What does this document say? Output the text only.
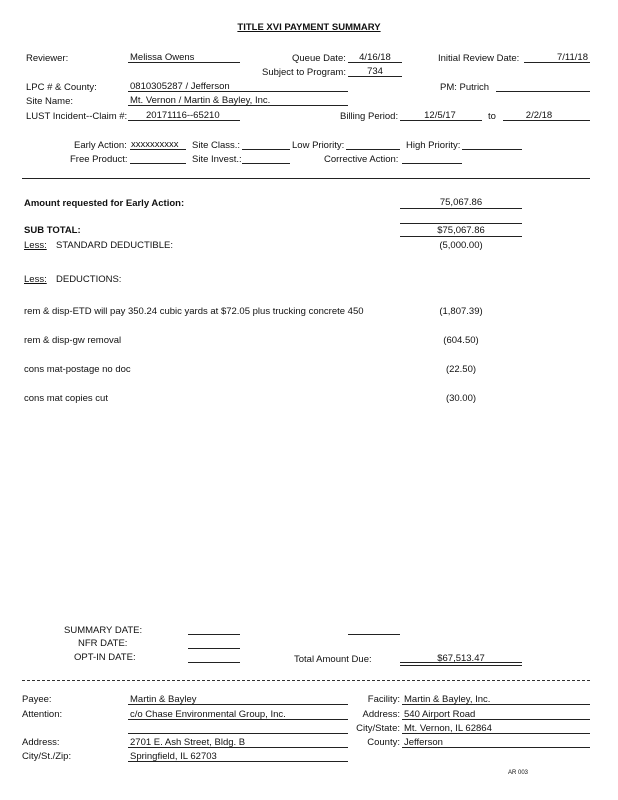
TITLE XVI PAYMENT SUMMARY
Reviewer:	Melissa Owens	Queue Date:	4/16/18	Initial Review Date:	7/11/18
Subject to Program:	734
LPC # & County:	0810305287 / Jefferson	PM: Putrich
Site Name:	Mt. Vernon / Martin & Bayley, Inc.
LUST Incident--Claim #: 20171116--65210	Billing Period:	12/5/17	to	2/2/18
Early Action: xxxxxxxxxx Site Class.:	Low Priority:	High Priority:
Free Product:	Site Invest.:	Corrective Action:
Amount requested for Early Action:	75,067.86
SUB TOTAL:	$75,067.86
Less: STANDARD DEDUCTIBLE:	(5,000.00)
Less: DEDUCTIONS:
rem & disp-ETD will pay 350.24 cubic yards at $72.05 plus trucking concrete 450	(1,807.39)
rem & disp-gw removal	(604.50)
cons mat-postage no doc	(22.50)
cons mat copies cut	(30.00)
SUMMARY DATE:
NFR DATE:
OPT-IN DATE:	Total Amount Due:	$67,513.47
Payee:	Martin & Bayley
Attention:	c/o Chase Environmental Group, Inc.
Address:	2701 E. Ash Street, Bldg. B
City/St./Zip:	Springfield, IL 62703
Facility: Martin & Bayley, Inc.
Address: 540 Airport Road
City/State: Mt. Vernon, IL 62864
County: Jefferson
AR 003
